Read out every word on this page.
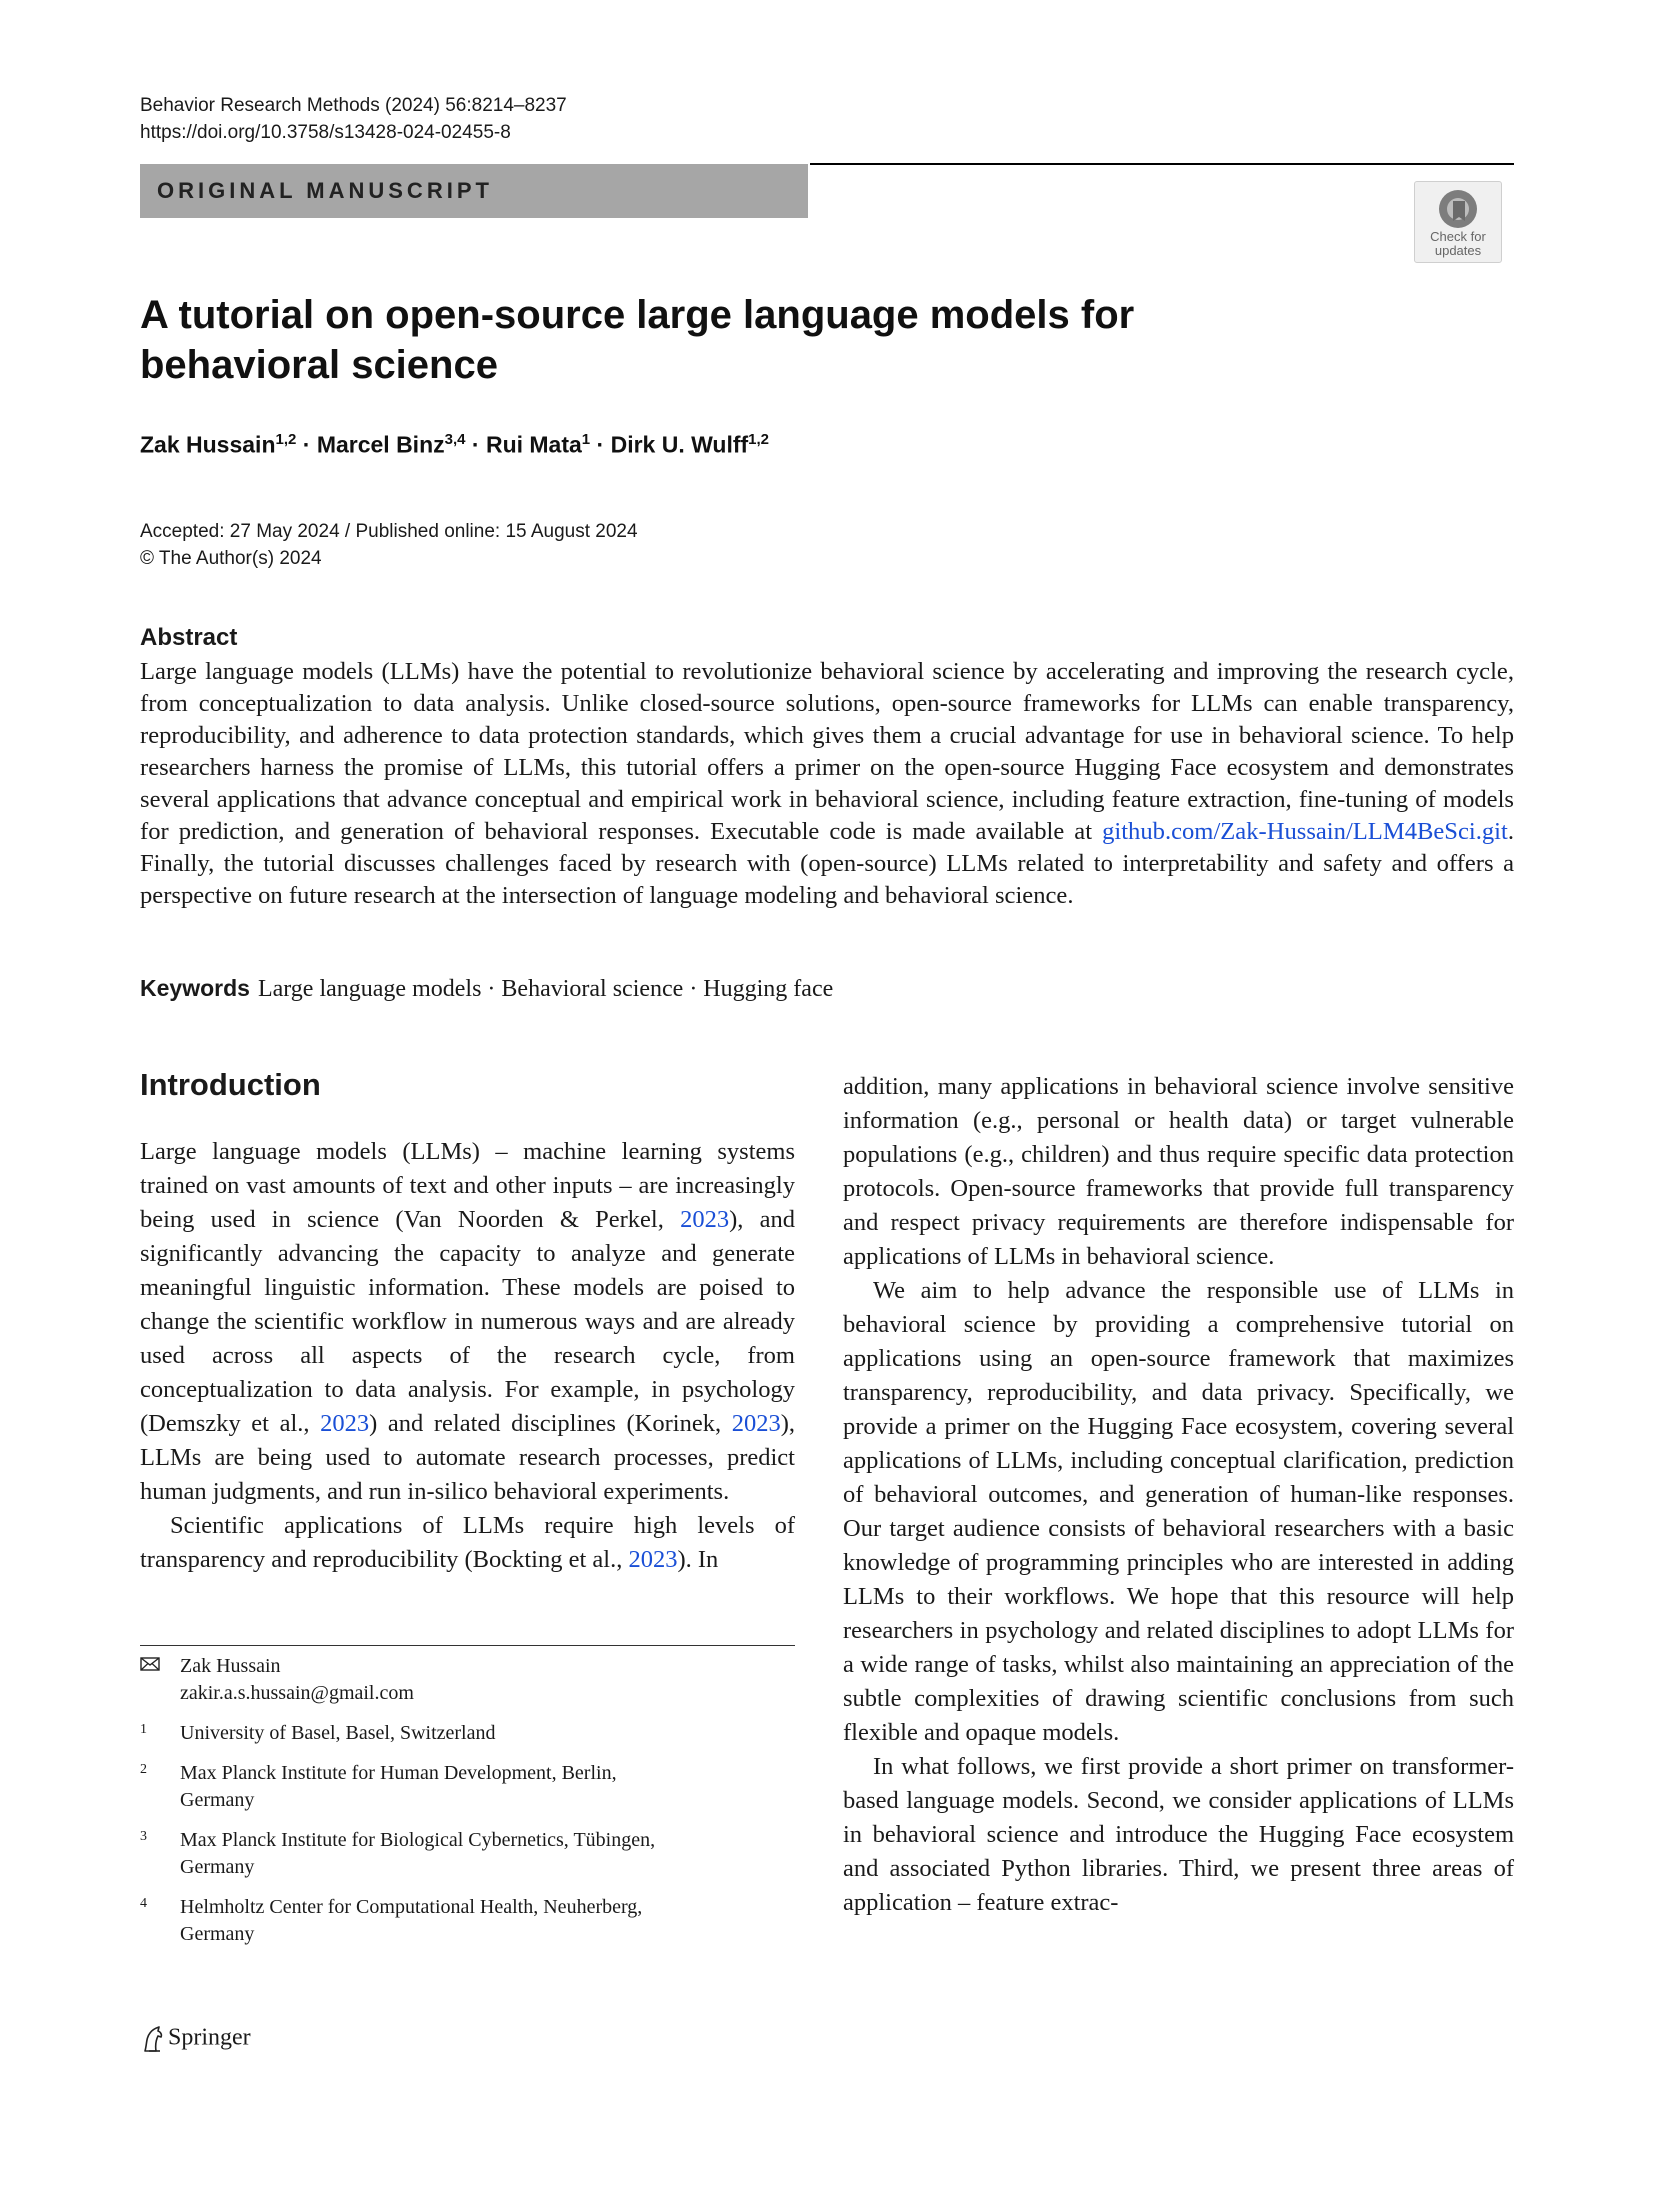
Behavior Research Methods (2024) 56:8214–8237
https://doi.org/10.3758/s13428-024-02455-8
ORIGINAL MANUSCRIPT
Check for
updates
A tutorial on open-source large language models for behavioral science
Zak Hussain$^{1,2}$ · Marcel Binz$^{3,4}$ · Rui Mata$^1$ · Dirk U. Wulff$^{1,2}$
Accepted: 27 May 2024 / Published online: 15 August 2024
© The Author(s) 2024
Abstract

Large language models (LLMs) have the potential to revolutionize behavioral science by accelerating and improving the research cycle, from conceptualization to data analysis. Unlike closed-source solutions, open-source frameworks for LLMs can enable transparency, reproducibility, and adherence to data protection standards, which gives them a crucial advantage for use in behavioral science. To help researchers harness the promise of LLMs, this tutorial offers a primer on the open-source Hugging Face ecosystem and demonstrates several applications that advance conceptual and empirical work in behavioral science, including feature extraction, fine-tuning of models for prediction, and generation of behavioral responses. Executable code is made available at github.com/Zak-Hussain/LLM4BeSci.git. Finally, the tutorial discusses challenges faced by research with (open-source) LLMs related to interpretability and safety and offers a perspective on future research at the intersection of language modeling and behavioral science.

Keywords Large language models · Behavioral science · Hugging face
Introduction

Large language models (LLMs) – machine learning systems trained on vast amounts of text and other inputs – are increasingly being used in science (Van Noorden & Perkel, 2023), and significantly advancing the capacity to analyze and generate meaningful linguistic information. These models are poised to change the scientific workflow in numerous ways and are already used across all aspects of the research cycle, from conceptualization to data analysis. For example, in psychology (Demszky et al., 2023) and related disciplines (Korinek, 2023), LLMs are being used to automate research processes, predict human judgments, and run in-silico behavioral experiments.

Scientific applications of LLMs require high levels of transparency and reproducibility (Bockting et al., 2023). In

addition, many applications in behavioral science involve sensitive information (e.g., personal or health data) or target vulnerable populations (e.g., children) and thus require specific data protection protocols. Open-source frameworks that provide full transparency and respect privacy requirements are therefore indispensable for applications of LLMs in behavioral science.

We aim to help advance the responsible use of LLMs in behavioral science by providing a comprehensive tutorial on applications using an open-source framework that maximizes transparency, reproducibility, and data privacy. Specifically, we provide a primer on the Hugging Face ecosystem, covering several applications of LLMs, including conceptual clarification, prediction of behavioral outcomes, and generation of human-like responses. Our target audience consists of behavioral researchers with a basic knowledge of programming principles who are interested in adding LLMs to their workflows. We hope that this resource will help researchers in psychology and related disciplines to adopt LLMs for a wide range of tasks, whilst also maintaining an appreciation of the subtle complexities of drawing scientific conclusions from such flexible and opaque models.

In what follows, we first provide a short primer on transformer-based language models. Second, we consider applications of LLMs in behavioral science and introduce the Hugging Face ecosystem and associated Python libraries. Third, we present three areas of application – feature extrac-

Zak Hussain
zakir.a.s.hussain@gmail.com
1 University of Basel, Basel, Switzerland
2 Max Planck Institute for Human Development, Berlin,
Germany
3 Max Planck Institute for Biological Cybernetics, Tübingen,
Germany
4 Helmholtz Center for Computational Health, Neuherberg,
Germany
Springer
